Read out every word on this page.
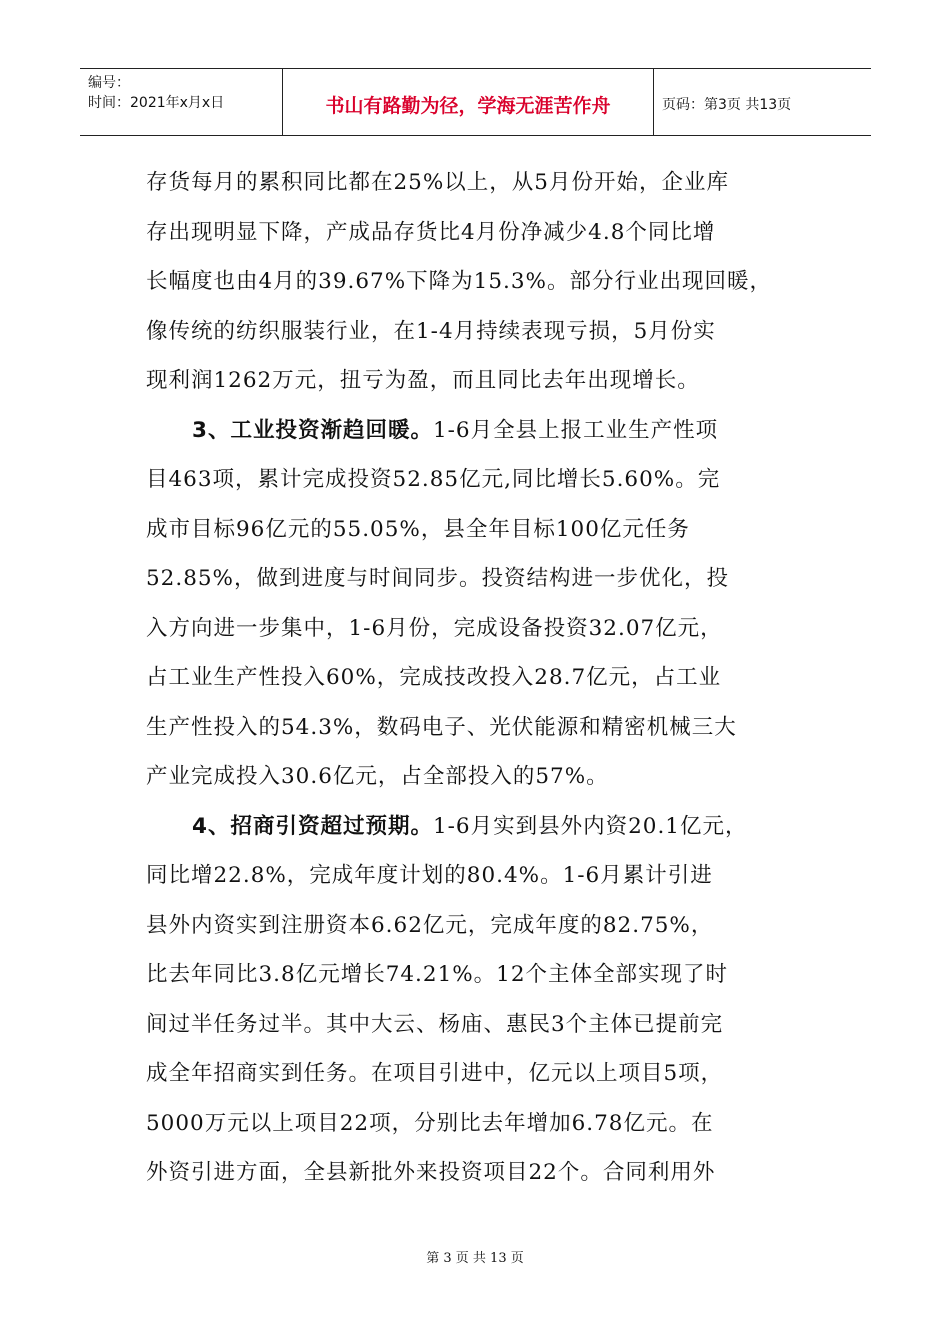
编号：
时间：2021年x月x日	书山有路勤为径，学海无涯苦作舟	页码：第3页 共13页
存货每月的累积同比都在25%以上，从5月份开始，企业库
存出现明显下降，产成品存货比4月份净减少4.8个同比增
长幅度也由4月的39.67%下降为15.3%。部分行业出现回暖，
像传统的纺织服装行业，在1-4月持续表现亏损，5月份实
现利润1262万元，扭亏为盈，而且同比去年出现增长。
3、工业投资渐趋回暖。1-6月全县上报工业生产性项
目463项，累计完成投资52.85亿元,同比增长5.60%。完
成市目标96亿元的55.05%，县全年目标100亿元任务
52.85%，做到进度与时间同步。投资结构进一步优化，投
入方向进一步集中，1-6月份，完成设备投资32.07亿元，
占工业生产性投入60%，完成技改投入28.7亿元，占工业
生产性投入的54.3%，数码电子、光伏能源和精密机械三大
产业完成投入30.6亿元，占全部投入的57%。
4、招商引资超过预期。1-6月实到县外内资20.1亿元，
同比增22.8%，完成年度计划的80.4%。1-6月累计引进
县外内资实到注册资本6.62亿元，完成年度的82.75%，
比去年同比3.8亿元增长74.21%。12个主体全部实现了时
间过半任务过半。其中大云、杨庙、惠民3个主体已提前完
成全年招商实到任务。在项目引进中，亿元以上项目5项，
5000万元以上项目22项，分别比去年增加6.78亿元。在
外资引进方面，全县新批外来投资项目22个。合同利用外
第 3 页 共 13 页
